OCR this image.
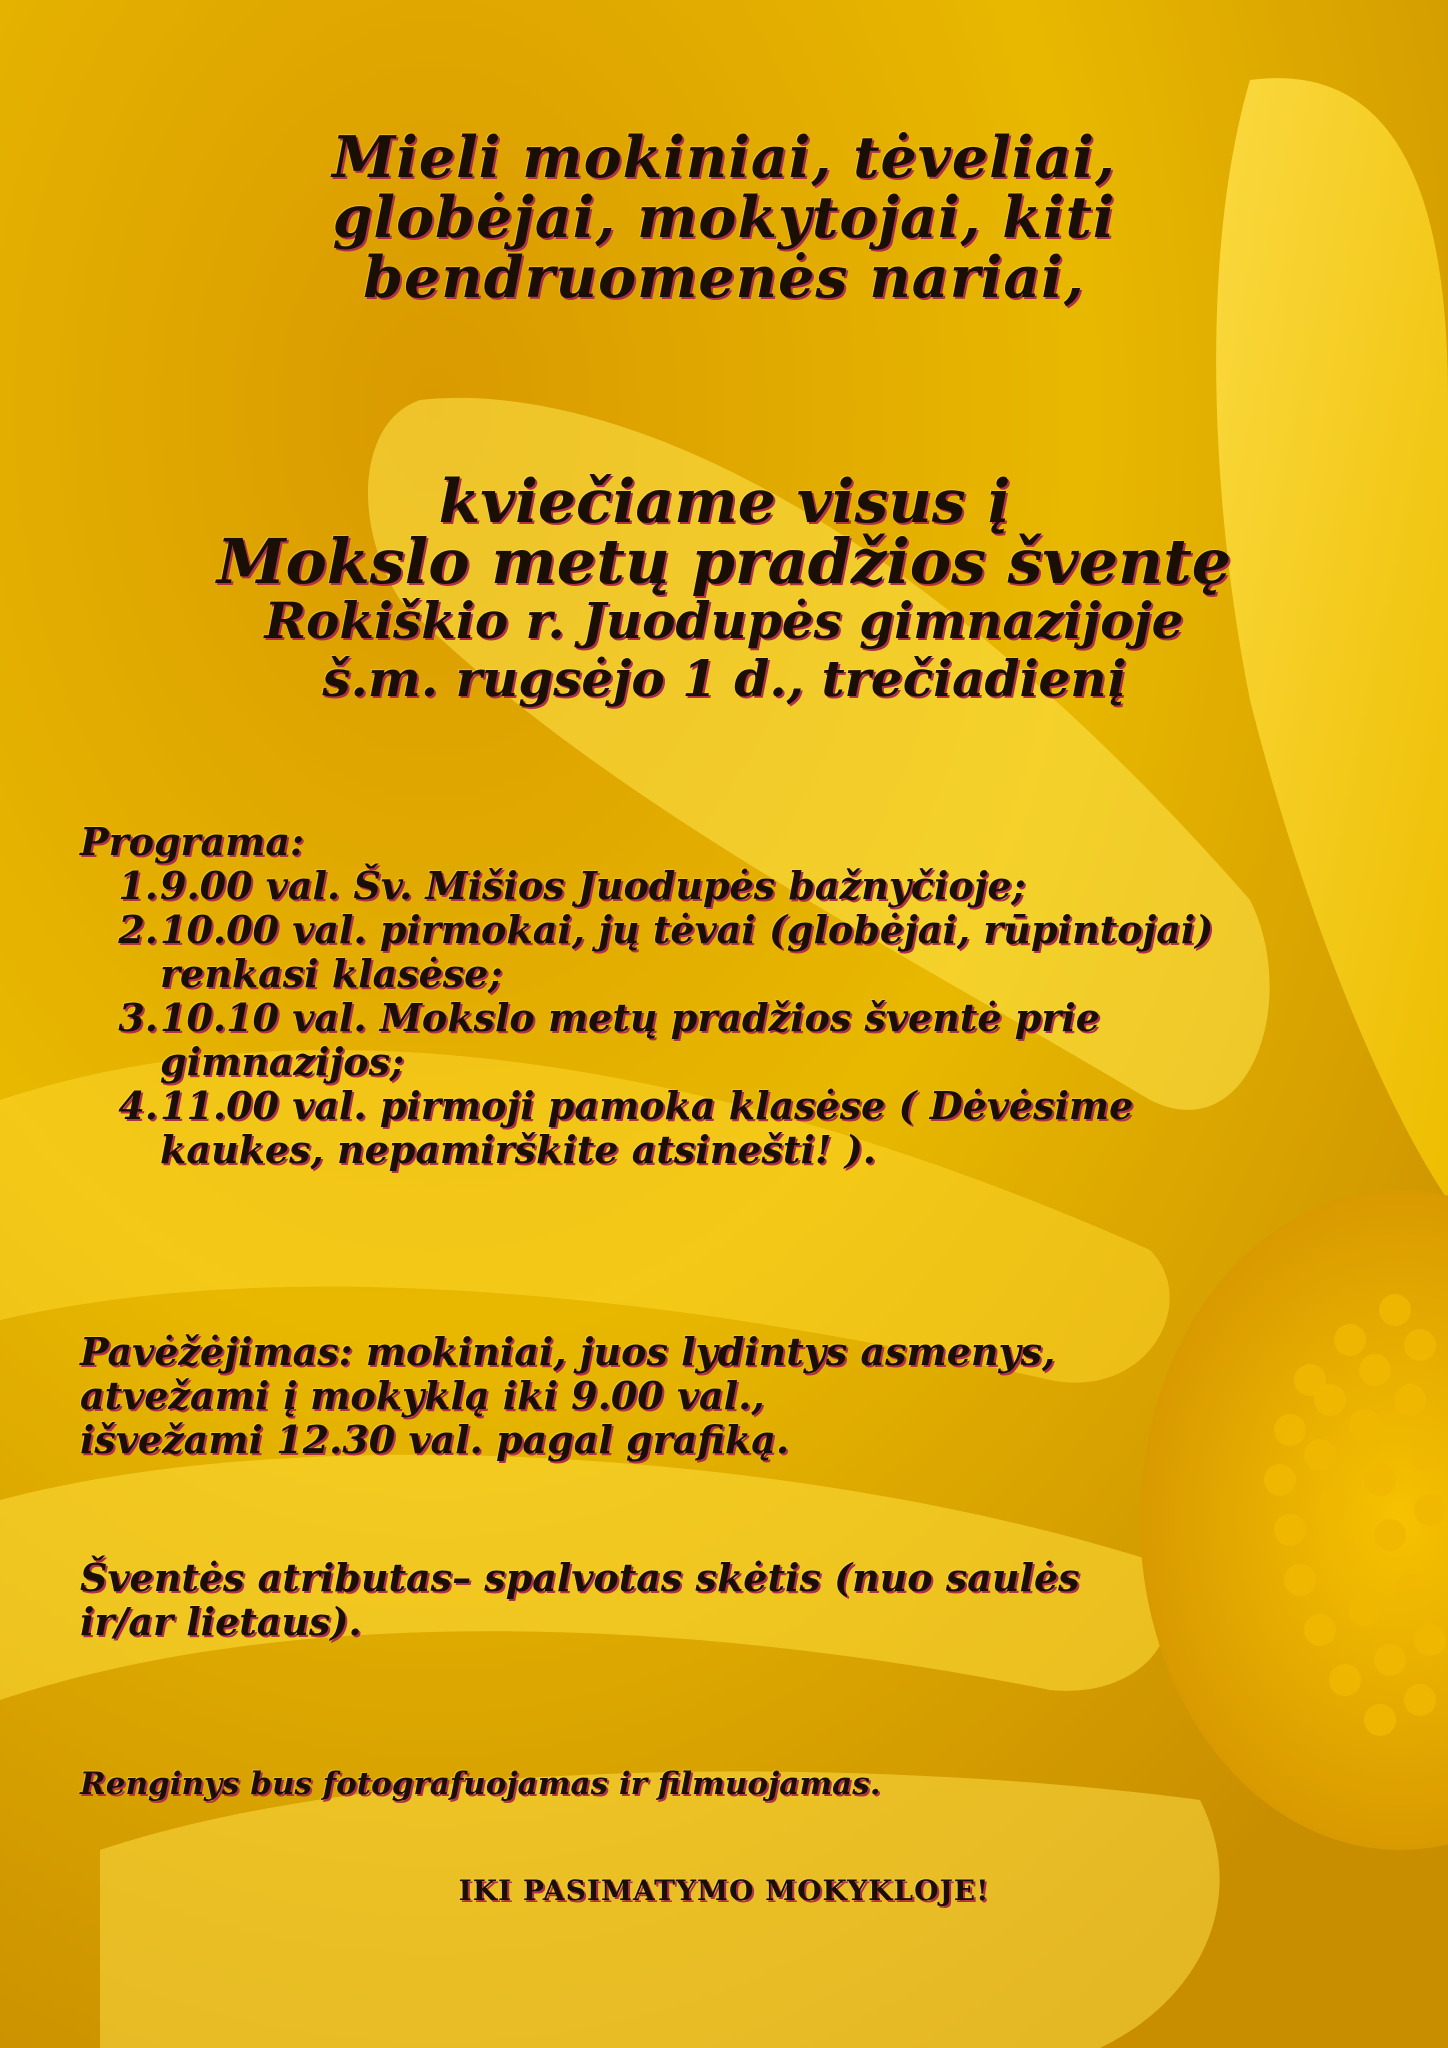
Mieli mokiniai, tėveliai,
globėjai, mokytojai, kiti
bendruomenės nariai,
kviečiame visus į
Mokslo metų pradžios šventę
Rokiškio r. Juodupės gimnazijoje
š.m. rugsėjo 1 d., trečiadienį
Programa:
1. 9.00 val. Šv. Mišios Juodupės bažnyčioje;
2. 10.00 val. pirmokai, jų tėvai (globėjai, rūpintojai) renkasi klasėse;
3. 10.10 val. Mokslo metų pradžios šventė prie gimnazijos;
4. 11.00 val. pirmoji pamoka klasėse ( Dėvėsime kaukes, nepamirškite atsinešti! ).
Pavėžėjimas: mokiniai, juos lydintys asmenys,
atvežami į mokyklą iki 9.00 val.,
išvežami 12.30 val. pagal grafiką.
Šventės atributas– spalvotas skėtis (nuo saulės
ir/ar lietaus).
Renginys bus fotografuojamas ir filmuojamas.
IKI PASIMATYMO MOKYKLOJE!
